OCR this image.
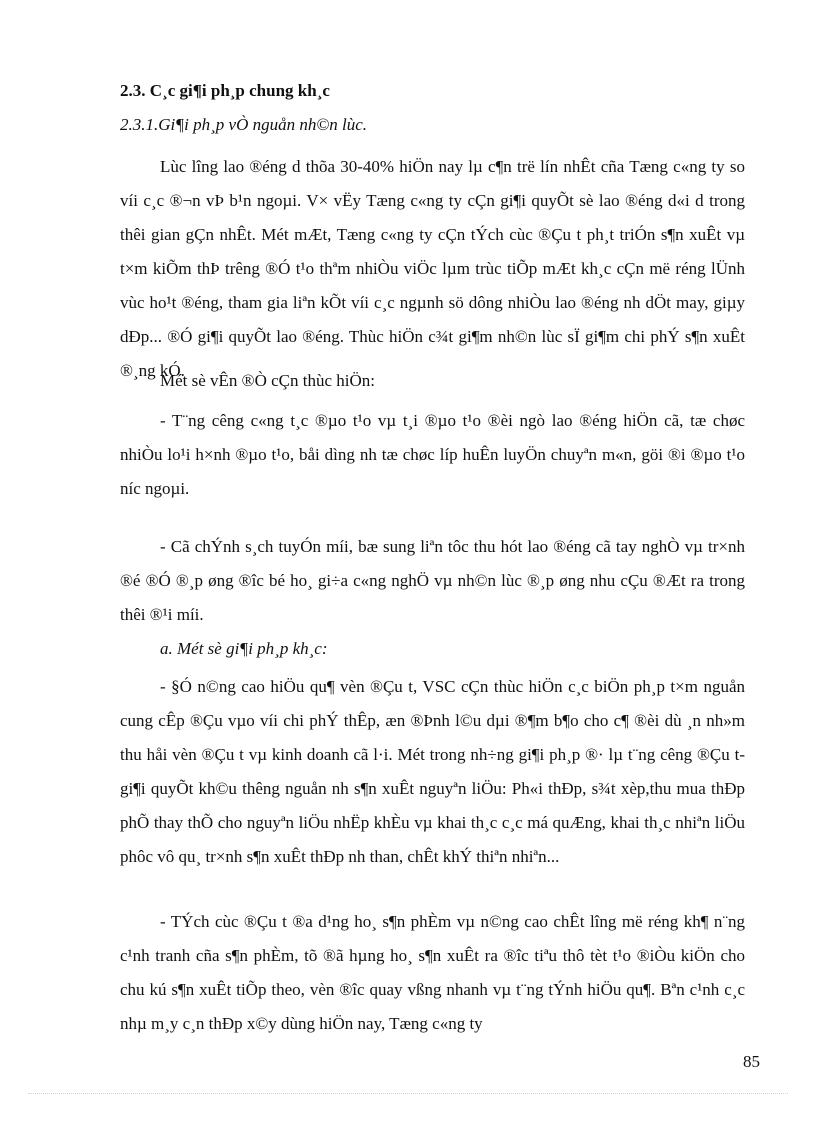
2.3. C¸c gi¶i ph¸p chung kh¸c

2.3.1.Gi¶i ph¸p vÒ nguån nh©n lùc.

Lùc lîng lao ®éng d thõa 30-40% hiÖn nay lµ c¶n trë lín nhÊt cña Tæng c«ng ty so víi c¸c ®¬n vÞ b¹n ngoµi. V× vËy Tæng c«ng ty cÇn gi¶i quyÕt sè lao ®éng d«i d trong thêi gian gÇn nhÊt. Mét mÆt, Tæng c«ng ty cÇn tÝch cùc ®Çu t ph¸t triÓn s¶n xuÊt vµ t×m kiÕm thÞ trêng ®Ó t¹o thªm nhiÒu viÖc lµm trùc tiÕp mÆt kh¸c cÇn më réng lÜnh vùc ho¹t ®éng, tham gia liªn kÕt víi c¸c ngµnh sö dông nhiÒu lao ®éng nh dÖt may, giµy dÐp... ®Ó gi¶i quyÕt lao ®éng. Thùc hiÖn c¾t gi¶m nh©n lùc sÏ gi¶m chi phÝ s¶n xuÊt ®¸ng kÓ.

Mét sè vÊn ®Ò cÇn thùc hiÖn:

- T¨ng cêng c«ng t¸c ®µo t¹o vµ t¸i ®µo t¹o ®èi ngò lao ®éng hiÖn cã, tæ chøc nhiÒu lo¹i h×nh ®µo t¹o, båi dìng nh tæ chøc líp huÊn luyÖn chuyªn m«n, göi ®i ®µo t¹o níc ngoµi.

- Cã chÝnh s¸ch tuyÓn míi, bæ sung liªn tôc thu hót lao ®éng cã tay nghÒ vµ tr×nh ®é ®Ó ®¸p øng ®îc bé ho¸ gi÷a c«ng nghÖ vµ nh©n lùc ®¸p øng nhu cÇu ®Æt ra trong thêi ®¹i míi.

a. Mét sè gi¶i ph¸p kh¸c:

- §Ó n©ng cao hiÖu qu¶ vèn ®Çu t, VSC cÇn thùc hiÖn c¸c biÖn ph¸p t×m nguån cung cÊp ®Çu vµo víi chi phÝ thÊp, æn ®Þnh l©u dµi ®¶m b¶o cho c¶ ®èi dù ¸n nh»m thu håi vèn ®Çu t vµ kinh doanh cã l·i. Mét trong nh÷ng gi¶i ph¸p ®· lµ t¨ng cêng ®Çu t gi¶i quyÕt kh©u thêng nguån nh s¶n xuÊt nguyªn liÖu: Ph«i thÐp, s¾t xèp,thu mua thÐp phÕ thay thÕ cho nguyªn liÖu nhËp khÈu vµ khai th¸c c¸c má quÆng, khai th¸c nhiªn liÖu phôc vô qu¸ tr×nh s¶n xuÊt thÐp nh than, chÊt khÝ thiªn nhiªn...

- TÝch cùc ®Çu t ®a d¹ng ho¸ s¶n phÈm vµ n©ng cao chÊt lîng më réng kh¶ n¨ng c¹nh tranh cña s¶n phÈm, tõ ®ã hµng ho¸ s¶n xuÊt ra ®îc tiªu thô tèt t¹o ®iÒu kiÖn cho chu kú s¶n xuÊt tiÕp theo, vèn ®îc quay vßng nhanh vµ t¨ng tÝnh hiÖu qu¶. Bªn c¹nh c¸c nhµ m¸y c¸n thÐp x©y dùng hiÖn nay, Tæng c«ng ty

85
